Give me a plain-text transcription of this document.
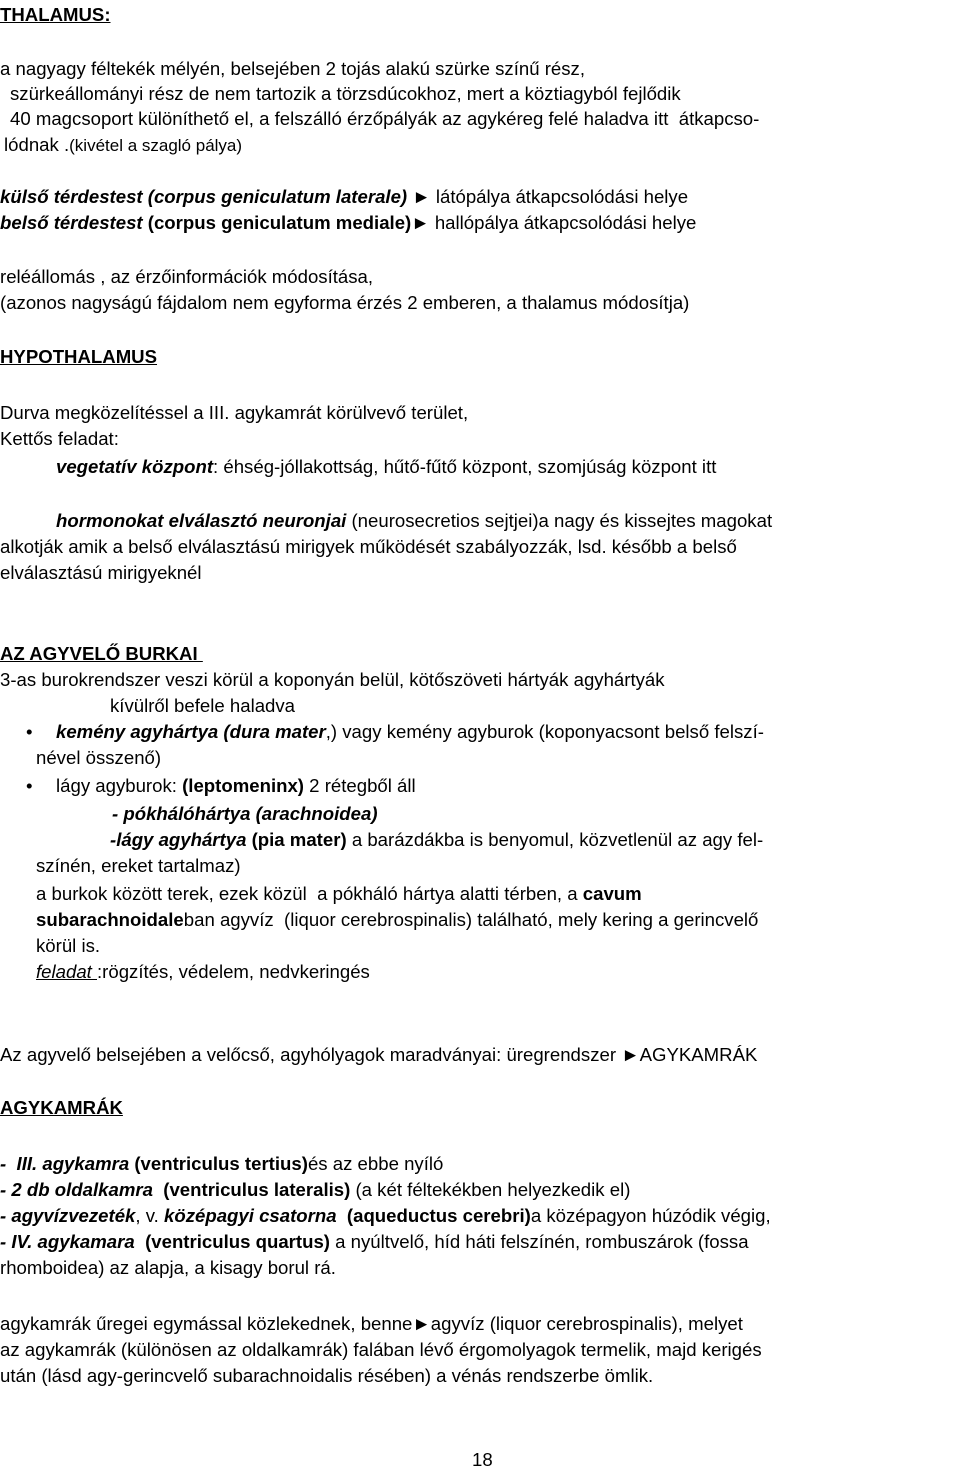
THALAMUS:
a nagyagy féltekék mélyén, belsejében 2 tojás alakú szürke színű rész,
szürkeállományi rész de nem tartozik a törzsdúcokhoz, mert a köztiagyból fejlődik
40 magcsoport különíthető el, a felszálló érzőpályák az agykéreg felé haladva itt  átkapcso-
lódnak .(kivétel a szagló pálya)
külső térdestest (corpus geniculatum laterale) ► látópálya átkapcsolódási helye
belső térdestest (corpus geniculatum mediale)► hallópálya átkapcsolódási helye
reléállomás , az érzőinformációk módosítása,
(azonos nagyságú fájdalom nem egyforma érzés 2 emberen, a thalamus módosítja)
HYPOTHALAMUS
Durva megközelítéssel a III. agykamrát körülvevő terület,
Kettős feladat:
vegetatív központ: éhség-jóllakottság, hűtő-fűtő központ, szomjúság központ itt
hormonokat elválasztó neuronjai (neurosecretios sejtjei)a nagy és kissejtes magokat
alkotják amik a belső elválasztású mirigyek működését szabályozzák, lsd. később a belső
elválasztású mirigyeknél
AZ AGYVELŐ BURKAI
3-as burokrendszer veszi körül a koponyán belül, kötőszöveti hártyák agyhártyák
kívülről befele haladva
• kemény agyhártya (dura mater,) vagy kemény agyburok (koponyacsont belső felszí-
nével összenő)
• lágy agyburok: (leptomeninx) 2 rétegből áll
- pókhálóhártya (arachnoidea)
-lágy agyhártya (pia mater) a barázdákba is benyomul, közvetlenül az agy fel-
színén, ereket tartalmaz)
a burkok között terek, ezek közül  a pókháló hártya alatti térben, a cavum
subarachnoidaleban agyvíz  (liquor cerebrospinalis) található, mely kering a gerincvelő
körül is.
feladat :rögzítés, védelem, nedvkeringés
Az agyvelő belsejében a velőcső, agyhólyagok maradványai: üregrendszer ►AGYKAMRÁK
AGYKAMRÁK
-  III. agykamra (ventriculus tertius)és az ebbe nyíló
- 2 db oldalkamra  (ventriculus lateralis) (a két féltekékben helyezkedik el)
- agyvízvezeték, v. középagyi csatorna  (aqueductus cerebri)a középagyon húzódik végig,
- IV. agykamara  (ventriculus quartus) a nyúltvelő, híd háti felszínén, rombuszárok (fossa
rhomboidea) az alapja, a kisagy borul rá.
agykamrák űregei egymással közlekednek, benne►agyvíz (liquor cerebrospinalis), melyet
az agykamrák (különösen az oldalkamrák) falában lévő érgomolyagok termelik, majd kerigés
után (lásd agy-gerincvelő subarachnoidalis résében) a vénás rendszerbe ömlik.
18
